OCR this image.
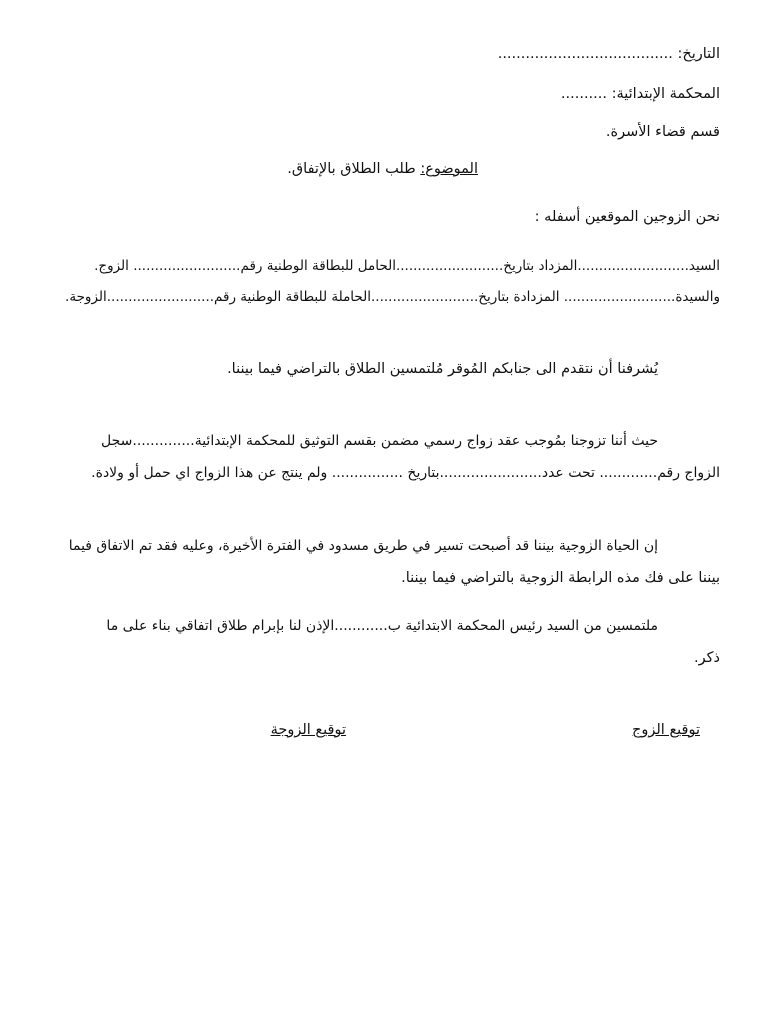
التاريخ: ......................................
المحكمة الإبتدائية: ..........
قسم قضاء الأسرة.
الموضوع: طلب الطلاق بالإتفاق.
نحن الزوجين الموقعين أسفله :
السيد..........................المزداد بتاريخ.........................الحامل للبطاقة الوطنية رقم......................... الزوج.
والسيدة.......................... المزدادة بتاريخ.........................الحاملة للبطاقة الوطنية رقم.........................الزوجة.
يُشرفنا أن نتقدم الى جنابكم المُوقر مُلتمسين الطلاق بالتراضي فيما بيننا.
حيث أننا تزوجنا بمُوجب عقد زواج رسمي مضمن بقسم التوثيق للمحكمة الإبتدائية..............سجل
الزواج رقم............. تحت عدد.......................بتاريخ ................ ولم ينتج عن هذا الزواج اي حمل أو ولادة.
إن الحياة الزوجية بيننا قد أصبحت تسير في طريق مسدود في الفترة الأخيرة، وعليه فقد تم الاتفاق فيما
بيننا على فك مذه الرابطة الزوجية بالتراضي فيما بيننا.
ملتمسين من السيد رئيس المحكمة الابتدائية ب............الإذن لنا بإبرام طلاق اتفاقي بناء على ما
ذكر.
توقيع الزوج
توقيع الزوجة
